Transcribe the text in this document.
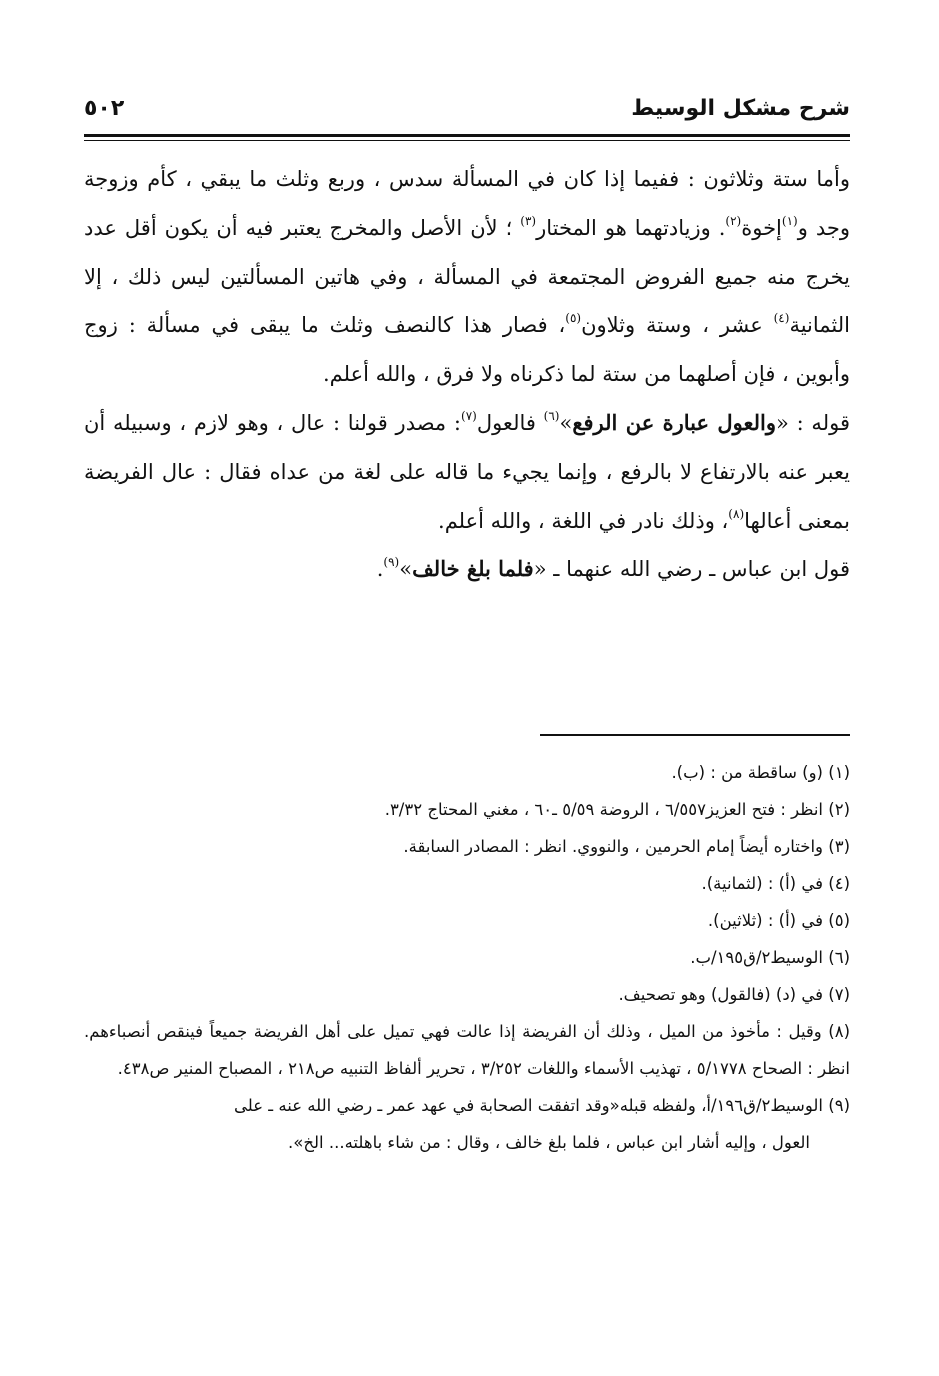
شرح مشكل الوسيط
٥٠٢

وأما ستة وثلاثون : ففيما إذا كان في المسألة سدس ، وربع وثلث ما يبقي ، كأم وزوجة وجد و$^{(١)}$إخوة$^{(٢)}$. وزيادتهما هو المختار$^{(٣)}$ ؛ لأن الأصل والمخرج يعتبر فيه أن يكون أقل عدد يخرج منه جميع الفروض المجتمعة في المسألة ، وفي هاتين المسألتين ليس ذلك ، إلا الثمانية$^{(٤)}$ عشر ، وستة وثلاون$^{(٥)}$، فصار هذا كالنصف وثلث ما يبقى في مسألة : زوج وأبوين ، فإن أصلهما من ستة لما ذكرناه ولا فرق ، والله أعلم.

قوله : «والعول عبارة عن الرفع»$^{(٦)}$ فالعول$^{(٧)}$: مصدر قولنا : عال ، وهو لازم ، وسبيله أن يعبر عنه بالارتفاع لا بالرفع ، وإنما يجيء ما قاله على لغة من عداه فقال : عال الفريضة بمعنى أعالها$^{(٨)}$، وذلك نادر في اللغة ، والله أعلم.

قول ابن عباس ـ رضي الله عنهما ـ «فلما بلغ خالف»$^{(٩)}$.

(١) (و) ساقطة من : (ب).

(٢) انظر : فتح العزيز٦/٥٥٧ ، الروضة ٥/٥٩ ـ٦٠ ، مغني المحتاج ٣/٣٢.

(٣) واختاره أيضاً إمام الحرمين ، والنووي. انظر : المصادر السابقة.

(٤) في (أ) : (لثمانية).

(٥) في (أ) : (ثلاثين).

(٦) الوسيط٢/ق١٩٥/ب.

(٧) في (د) (فالقول) وهو تصحيف.

(٨) وقيل : مأخوذ من الميل ، وذلك أن الفريضة إذا عالت فهي تميل على أهل الفريضة جميعاً فينقص أنصباءهم. انظر : الصحاح ٥/١٧٧٨ ، تهذيب الأسماء واللغات ٣/٢٥٢ ، تحرير ألفاظ التنبيه ص٢١٨ ، المصباح المنير ص٤٣٨.

(٩) الوسيط٢/ق١٩٦/أ، ولفظه قبله«وقد اتفقت الصحابة في عهد عمر ـ رضي الله عنه ـ على

العول ، وإليه أشار ابن عباس ، فلما بلغ خالف ، وقال : من شاء باهلته... الخ».
